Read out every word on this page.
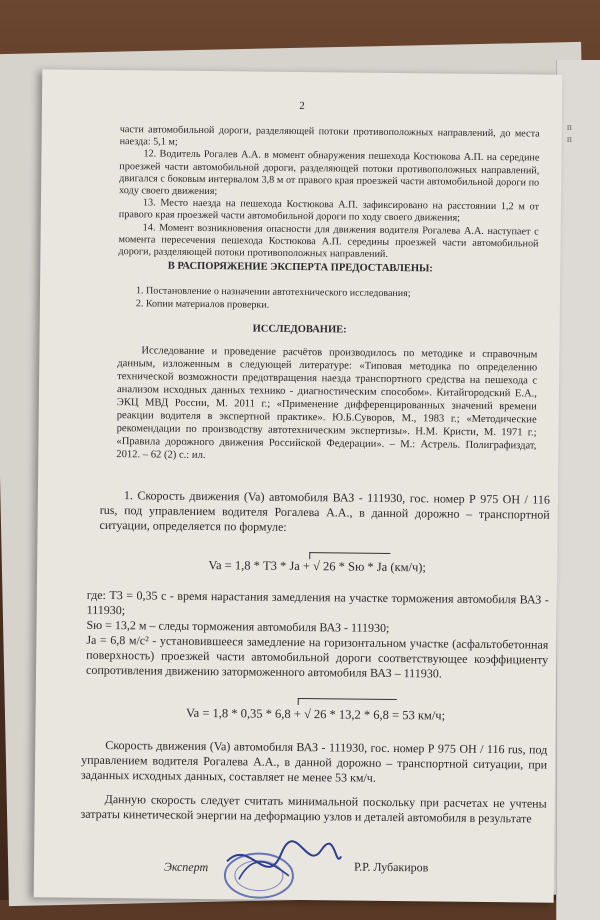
п
п
2

части автомобильной дороги, разделяющей потоки противоположных направлений, до места наезда: 5,1 м;

12. Водитель Рогалев А.А. в момент обнаружения пешехода Костюкова А.П. на середине проезжей части автомобильной дороги, разделяющей потоки противоположных направлений, двигался с боковым интервалом 3,8 м от правого края проезжей части автомобильной дороги по ходу своего движения;

13. Место наезда на пешехода Костюкова А.П. зафиксировано на расстоянии 1,2 м от правого края проезжей части автомобильной дороги по ходу своего движения;

14. Момент возникновения опасности для движения водителя Рогалева А.А. наступает с момента пересечения пешехода Костюкова А.П. середины проезжей части автомобильной дороги, разделяющей потоки противоположных направлений.

В РАСПОРЯЖЕНИЕ ЭКСПЕРТА ПРЕДОСТАВЛЕНЫ:
1. Постановление о назначении автотехнического исследования;
2. Копии материалов проверки.
ИССЛЕДОВАНИЕ:

Исследование и проведение расчётов производилось по методике и справочным данным, изложенным в следующей литературе: «Типовая методика по определению технической возможности предотвращения наезда транспортного средства на пешехода с анализом исходных данных технико - диагностическим способом». Китайгородский Е.А., ЭКЦ МВД России, М. 2011 г.; «Применение дифференцированных значений времени реакции водителя в экспертной практике». Ю.Б.Суворов, М., 1983 г.; «Методические рекомендации по производству автотехническим экспертизы». Н.М. Кристи, М. 1971 г.; «Правила дорожного движения Российской Федерации». – М.: Астрель. Полиграфиздат, 2012. – 62 (2) с.: ил.

1. Скорость движения (Va) автомобиля ВАЗ - 111930, гос. номер Р 975 ОН / 116 rus, под управлением водителя Рогалева А.А., в данной дорожно – транспортной ситуации, определяется по формуле:

Va = 1,8 * Т3 * Ja + √ 26 * Sю * Ja (км/ч);

где: Т3 = 0,35 с - время нарастания замедления на участке торможения автомобиля ВАЗ - 111930;

Sю = 13,2 м – следы торможения автомобиля ВАЗ - 111930;

Ja = 6,8 м/с² - установившееся замедление на горизонтальном участке (асфальтобетонная поверхность) проезжей части автомобильной дороги соответствующее коэффициенту сопротивления движению заторможенного автомобиля ВАЗ – 111930.

Va = 1,8 * 0,35 * 6,8 + √ 26 * 13,2 * 6,8 = 53 км/ч;

Скорость движения (Va) автомобиля ВАЗ - 111930, гос. номер Р 975 ОН / 116 rus, под управлением водителя Рогалева А.А., в данной дорожно – транспортной ситуации, при заданных исходных данных, составляет не менее 53 км/ч.

Данную скорость следует считать минимальной поскольку при расчетах не учтены затраты кинетической энергии на деформацию узлов и деталей автомобиля в результате

Эксперт	Р.Р. Лубакиров
